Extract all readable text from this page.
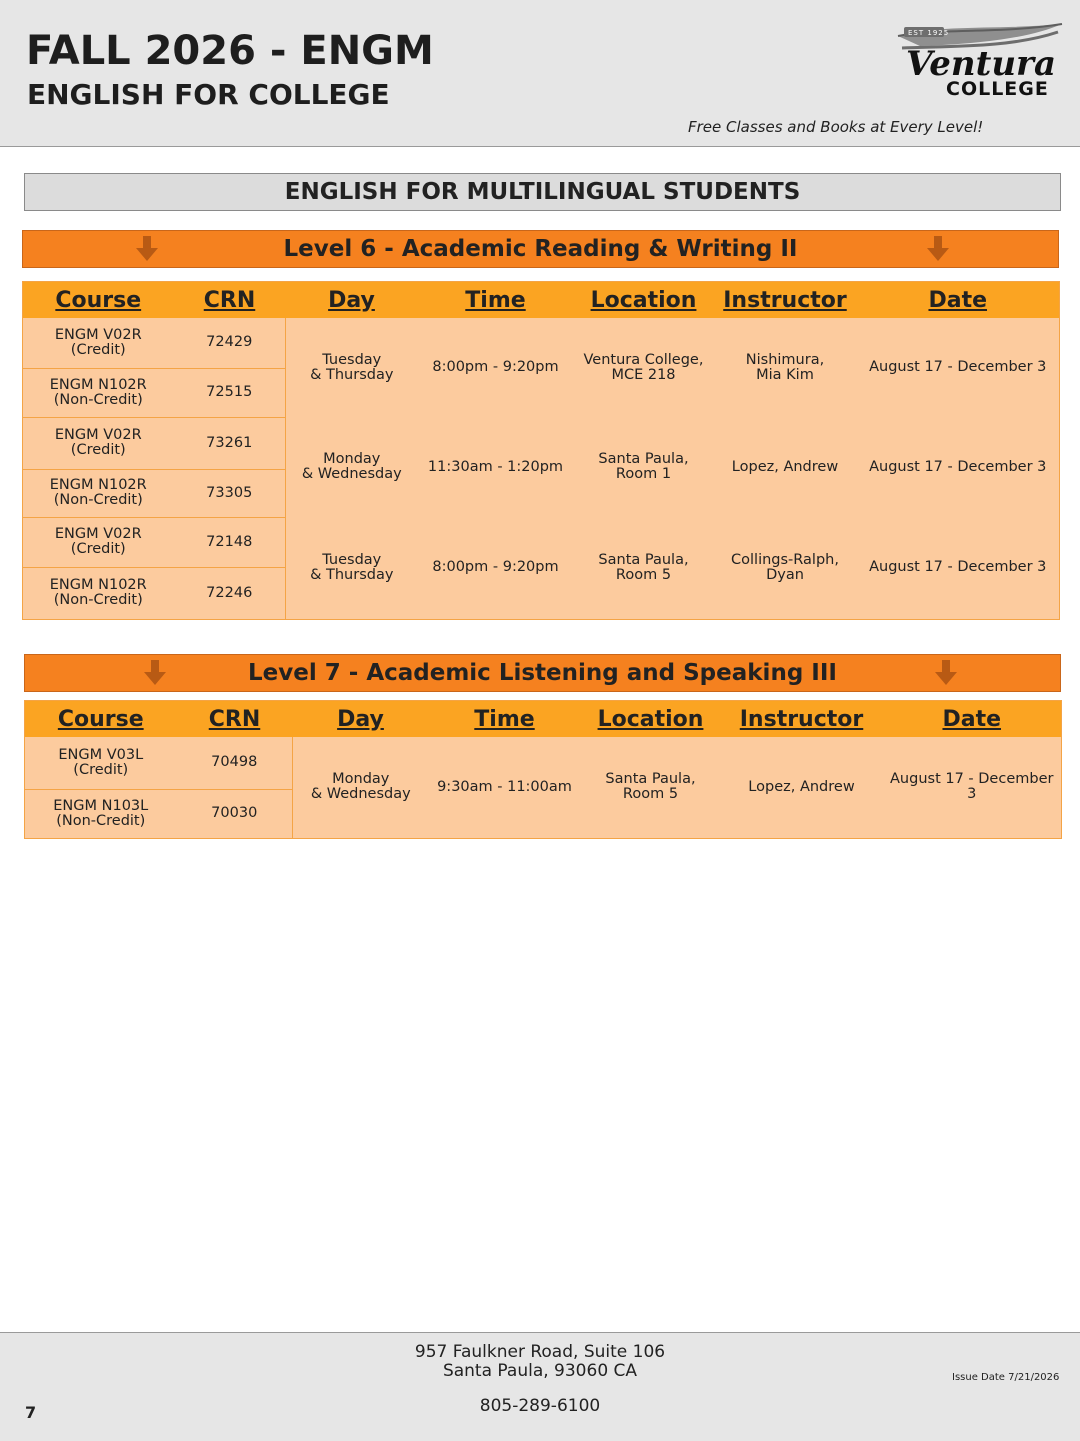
FALL 2026 - ENGM
ENGLISH FOR COLLEGE
EST 1925
Ventura
COLLEGE
Free Classes and Books at Every Level!
ENGLISH FOR MULTILINGUAL STUDENTS
Level 6 - Academic Reading & Writing II
Course	CRN	Day	Time	Location	Instructor	Date
ENGM V02R
(Credit)	72429	Tuesday
& Thursday	8:00pm - 9:20pm	Ventura College,
MCE 218	Nishimura,
Mia Kim	August 17 - December 3
ENGM N102R
(Non-Credit)	72515					
ENGM V02R
(Credit)	73261	Monday
& Wednesday	11:30am - 1:20pm	Santa Paula,
Room 1	Lopez, Andrew	August 17 - December 3
ENGM N102R
(Non-Credit)	73305					
ENGM V02R
(Credit)	72148	Tuesday
& Thursday	8:00pm - 9:20pm	Santa Paula,
Room 5	Collings-Ralph,
Dyan	August 17 - December 3
ENGM N102R
(Non-Credit)	72246					
Level 7 - Academic Listening and Speaking III
Course	CRN	Day	Time	Location	Instructor	Date
ENGM V03L
(Credit)	70498	Monday
& Wednesday	9:30am - 11:00am	Santa Paula,
Room 5	Lopez, Andrew	August 17 - December 3
ENGM N103L
(Non-Credit)	70030					
957 Faulkner Road, Suite 106
Santa Paula, 93060 CA
805-289-6100
Issue Date 7/21/2026
7
